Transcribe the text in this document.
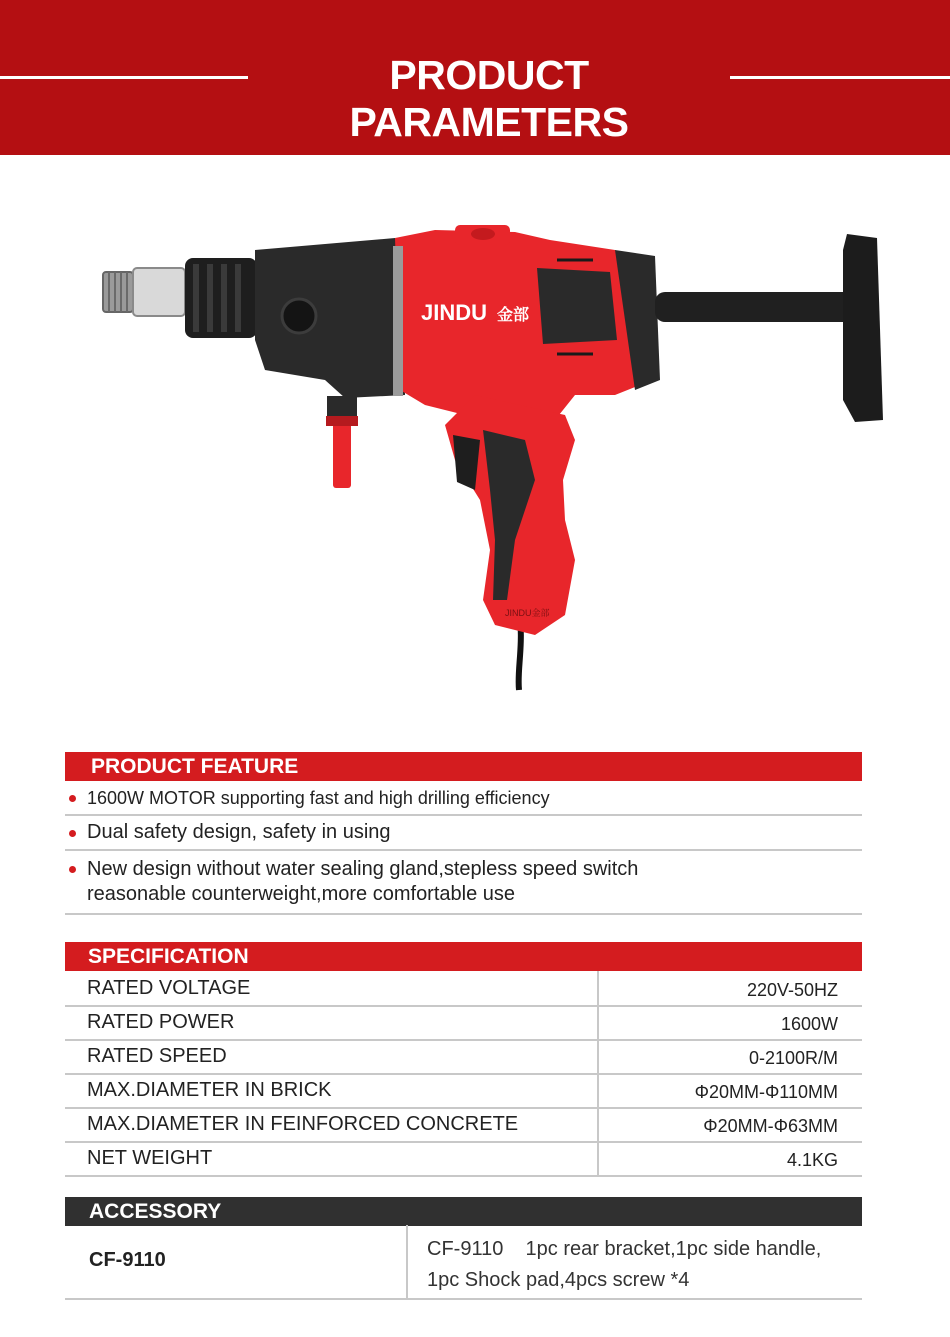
PRODUCT PARAMETERS
JINDU 金部
JINDU金部
PRODUCT FEATURE
1600W MOTOR supporting fast and high drilling efficiency
Dual safety design, safety in using
New design without water sealing gland,stepless speed switch
reasonable counterweight,more comfortable use
SPECIFICATION
RATED VOLTAGE	220V-50HZ
RATED POWER	1600W
RATED SPEED	0-2100R/M
MAX.DIAMETER IN BRICK	Φ20MM-Φ110MM
MAX.DIAMETER IN FEINFORCED CONCRETE	Φ20MM-Φ63MM
NET WEIGHT	4.1KG
ACCESSORY
CF-9110	CF-9110    1pc rear bracket,1pc side handle,
1pc Shock pad,4pcs screw *4
